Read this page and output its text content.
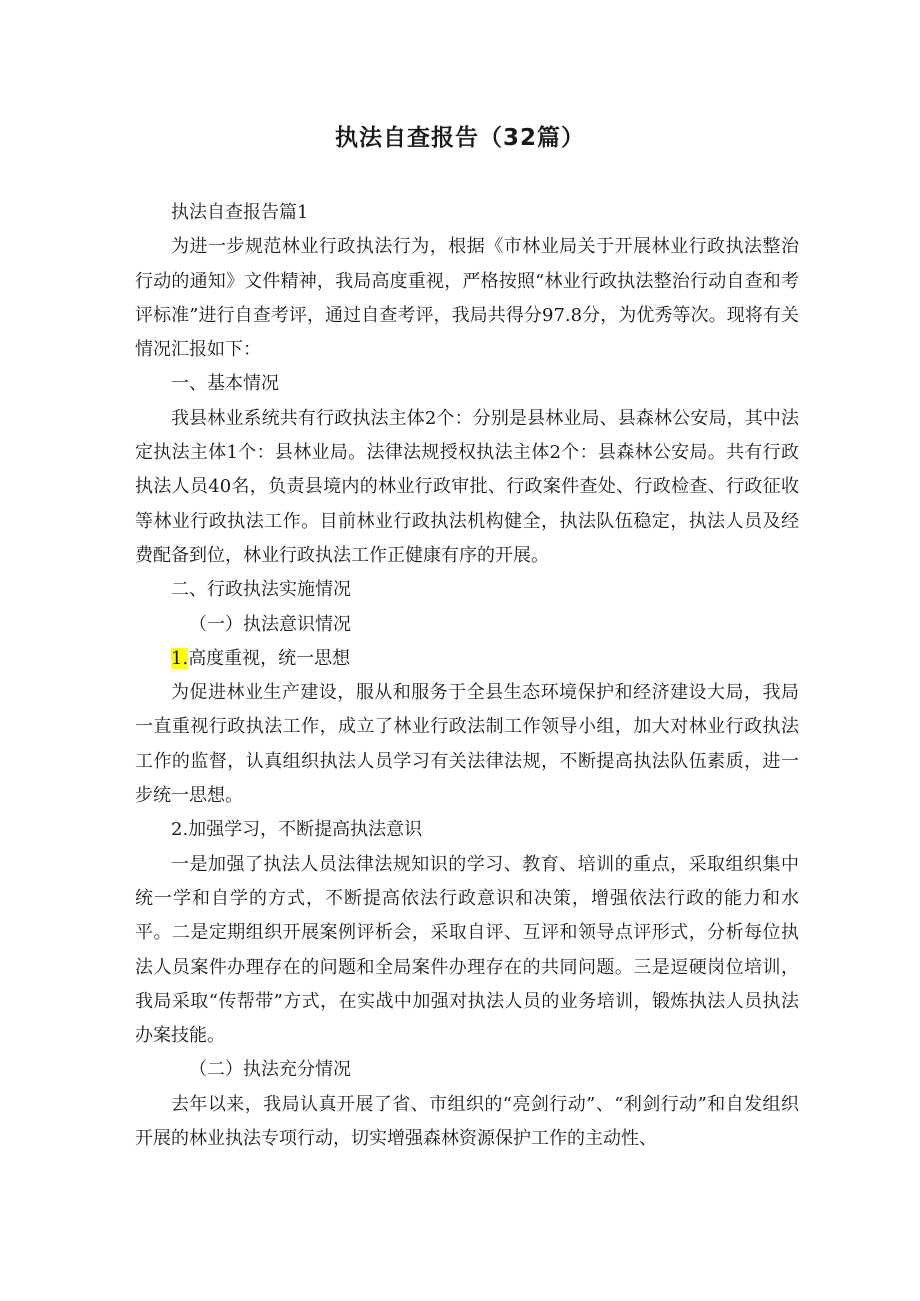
执法自查报告（32篇）

执法自查报告篇1

为进一步规范林业行政执法行为，根据《市林业局关于开展林业行政执法整治行动的通知》文件精神，我局高度重视，严格按照“林业行政执法整治行动自查和考评标准”进行自查考评，通过自查考评，我局共得分97.8分，为优秀等次。现将有关情况汇报如下：

一、基本情况

我县林业系统共有行政执法主体2个：分别是县林业局、县森林公安局，其中法定执法主体1个：县林业局。法律法规授权执法主体2个：县森林公安局。共有行政执法人员40名，负责县境内的林业行政审批、行政案件查处、行政检查、行政征收等林业行政执法工作。目前林业行政执法机构健全，执法队伍稳定，执法人员及经费配备到位，林业行政执法工作正健康有序的开展。

二、行政执法实施情况

（一）执法意识情况

1.高度重视，统一思想

为促进林业生产建设，服从和服务于全县生态环境保护和经济建设大局，我局一直重视行政执法工作，成立了林业行政法制工作领导小组，加大对林业行政执法工作的监督，认真组织执法人员学习有关法律法规，不断提高执法队伍素质，进一步统一思想。

2.加强学习，不断提高执法意识

一是加强了执法人员法律法规知识的学习、教育、培训的重点，采取组织集中统一学和自学的方式，不断提高依法行政意识和决策，增强依法行政的能力和水平。二是定期组织开展案例评析会，采取自评、互评和领导点评形式，分析每位执法人员案件办理存在的问题和全局案件办理存在的共同问题。三是逗硬岗位培训，我局采取“传帮带”方式，在实战中加强对执法人员的业务培训，锻炼执法人员执法办案技能。

（二）执法充分情况

去年以来，我局认真开展了省、市组织的“亮剑行动”、“利剑行动”和自发组织开展的林业执法专项行动，切实增强森林资源保护工作的主动性、
